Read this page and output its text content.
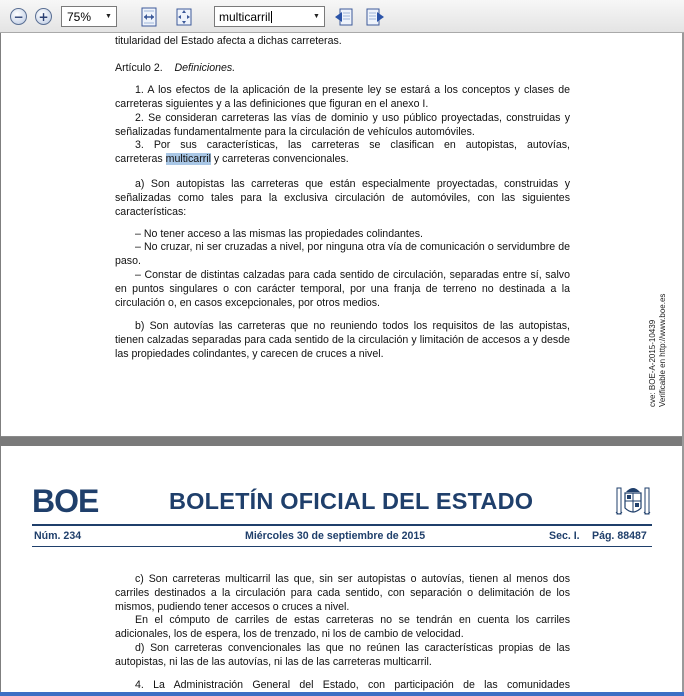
− +	75%	▼	multicarril	▼
titularidad del Estado afecta a dichas carreteras.
Artículo 2. Definiciones.
1. A los efectos de la aplicación de la presente ley se estará a los conceptos y clases de carreteras siguientes y a las definiciones que figuran en el anexo I.
2. Se consideran carreteras las vías de dominio y uso público proyectadas, construidas y señalizadas fundamentalmente para la circulación de vehículos automóviles.
3. Por sus características, las carreteras se clasifican en autopistas, autovías,
carreteras multicarril y carreteras convencionales.
a) Son autopistas las carreteras que están especialmente proyectadas, construidas y señalizadas como tales para la exclusiva circulación de automóviles, con las siguientes características:
– No tener acceso a las mismas las propiedades colindantes.
– No cruzar, ni ser cruzadas a nivel, por ninguna otra vía de comunicación o servidumbre de paso.
– Constar de distintas calzadas para cada sentido de circulación, separadas entre sí, salvo en puntos singulares o con carácter temporal, por una franja de terreno no destinada a la circulación o, en casos excepcionales, por otros medios.
b) Son autovías las carreteras que no reuniendo todos los requisitos de las autopistas, tienen calzadas separadas para cada sentido de la circulación y limitación de accesos a y desde las propiedades colindantes, y carecen de cruces a nivel.	cve: BOE-A-2015-10439 Verificable en http://www.boe.es
BOE	BOLETÍN OFICIAL DEL ESTADO
Núm. 234	Miércoles 30 de septiembre de 2015	Sec. I. Pág. 88487
c) Son carreteras multicarril las que, sin ser autopistas o autovías, tienen al menos dos carriles destinados a la circulación para cada sentido, con separación o delimitación de los mismos, pudiendo tener accesos o cruces a nivel.
En el cómputo de carriles de estas carreteras no se tendrán en cuenta los carriles adicionales, los de espera, los de trenzado, ni los de cambio de velocidad.
d) Son carreteras convencionales las que no reúnen las características propias de las autopistas, ni las de las autovías, ni las de las carreteras multicarril.
4. La Administración General del Estado, con participación de las comunidades
